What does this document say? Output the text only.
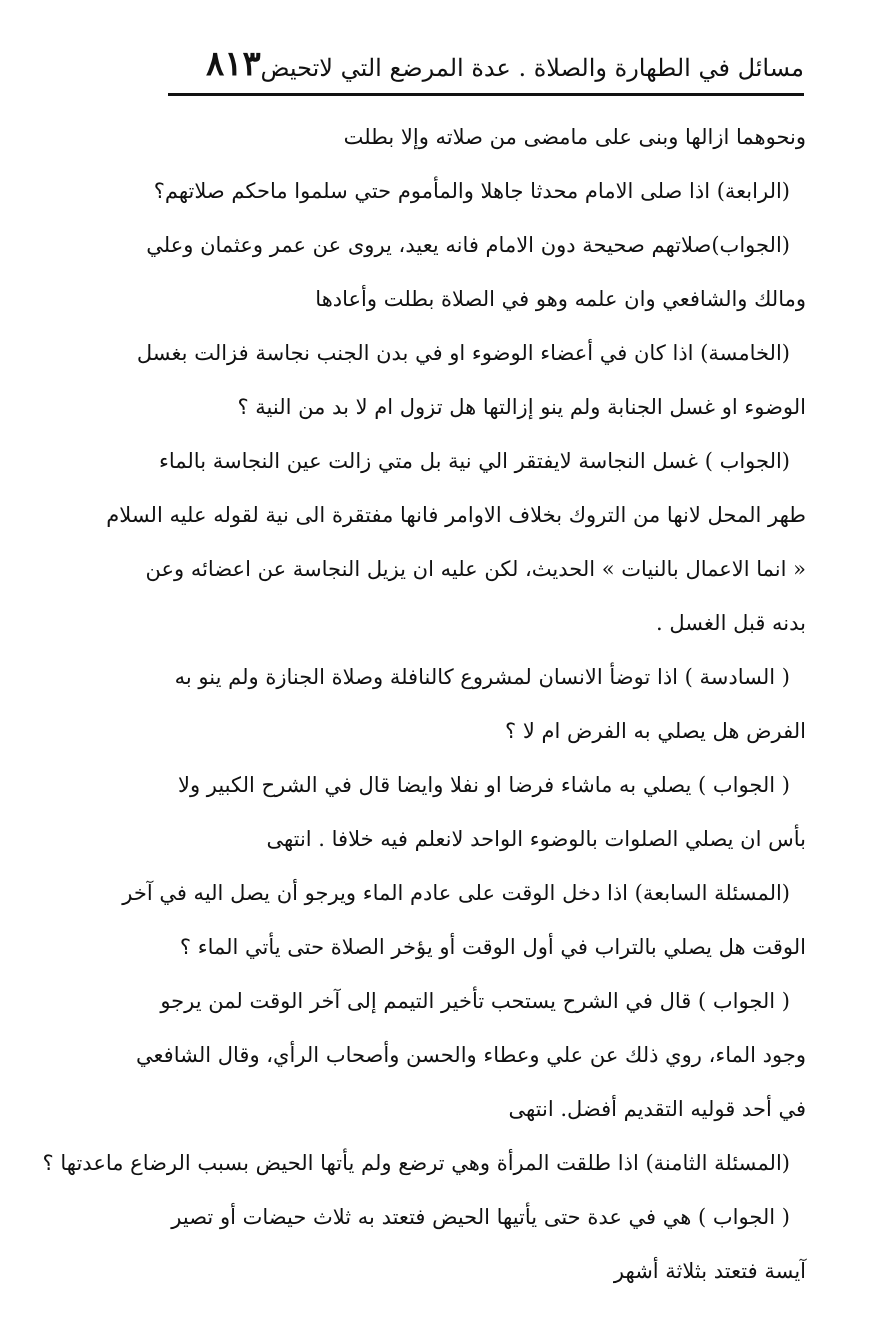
مسائل في الطهارة والصلاة . عدة المرضع التي لاتحيض
٨١٣
ونحوهما ازالها وبنى على مامضى من صلاته وإلا بطلت
(الرابعة) اذا صلى الامام محدثا جاهلا والمأموم حتي سلموا ماحكم صلاتهم؟
(الجواب)صلاتهم صحيحة دون الامام فانه يعيد، يروى عن عمر وعثمان وعلي
ومالك والشافعي وان علمه وهو في الصلاة بطلت وأعادها
(الخامسة) اذا كان في أعضاء الوضوء او في بدن الجنب نجاسة فزالت بغسل
الوضوء او غسل الجنابة ولم ينو إزالتها هل تزول ام لا بد من النية ؟
(الجواب ) غسل النجاسة لايفتقر الي نية بل متي زالت عين النجاسة بالماء
طهر المحل لانها من التروك بخلاف الاوامر فانها مفتقرة الى نية لقوله عليه السلام
« انما الاعمال بالنيات » الحديث، لكن عليه ان يزيل النجاسة عن اعضائه وعن
بدنه قبل الغسل .
( السادسة ) اذا توضأ الانسان لمشروع كالنافلة وصلاة الجنازة ولم ينو به
الفرض هل يصلي به الفرض ام لا ؟
( الجواب ) يصلي به ماشاء فرضا او نفلا وايضا قال في الشرح الكبير ولا
بأس ان يصلي الصلوات بالوضوء الواحد لانعلم فيه خلافا . انتهى
(المسئلة السابعة) اذا دخل الوقت على عادم الماء ويرجو أن يصل اليه في آخر
الوقت هل يصلي بالتراب في أول الوقت أو يؤخر الصلاة حتى يأتي الماء ؟
( الجواب ) قال في الشرح يستحب تأخير التيمم إلى آخر الوقت لمن يرجو
وجود الماء، روي ذلك عن علي وعطاء والحسن وأصحاب الرأي، وقال الشافعي
في أحد قوليه التقديم أفضل. انتهى
(المسئلة الثامنة) اذا طلقت المرأة وهي ترضع ولم يأتها الحيض بسبب الرضاع ماعدتها ؟
( الجواب ) هي في عدة حتى يأتيها الحيض فتعتد به ثلاث حيضات أو تصير
آيسة فتعتد بثلاثة أشهر
